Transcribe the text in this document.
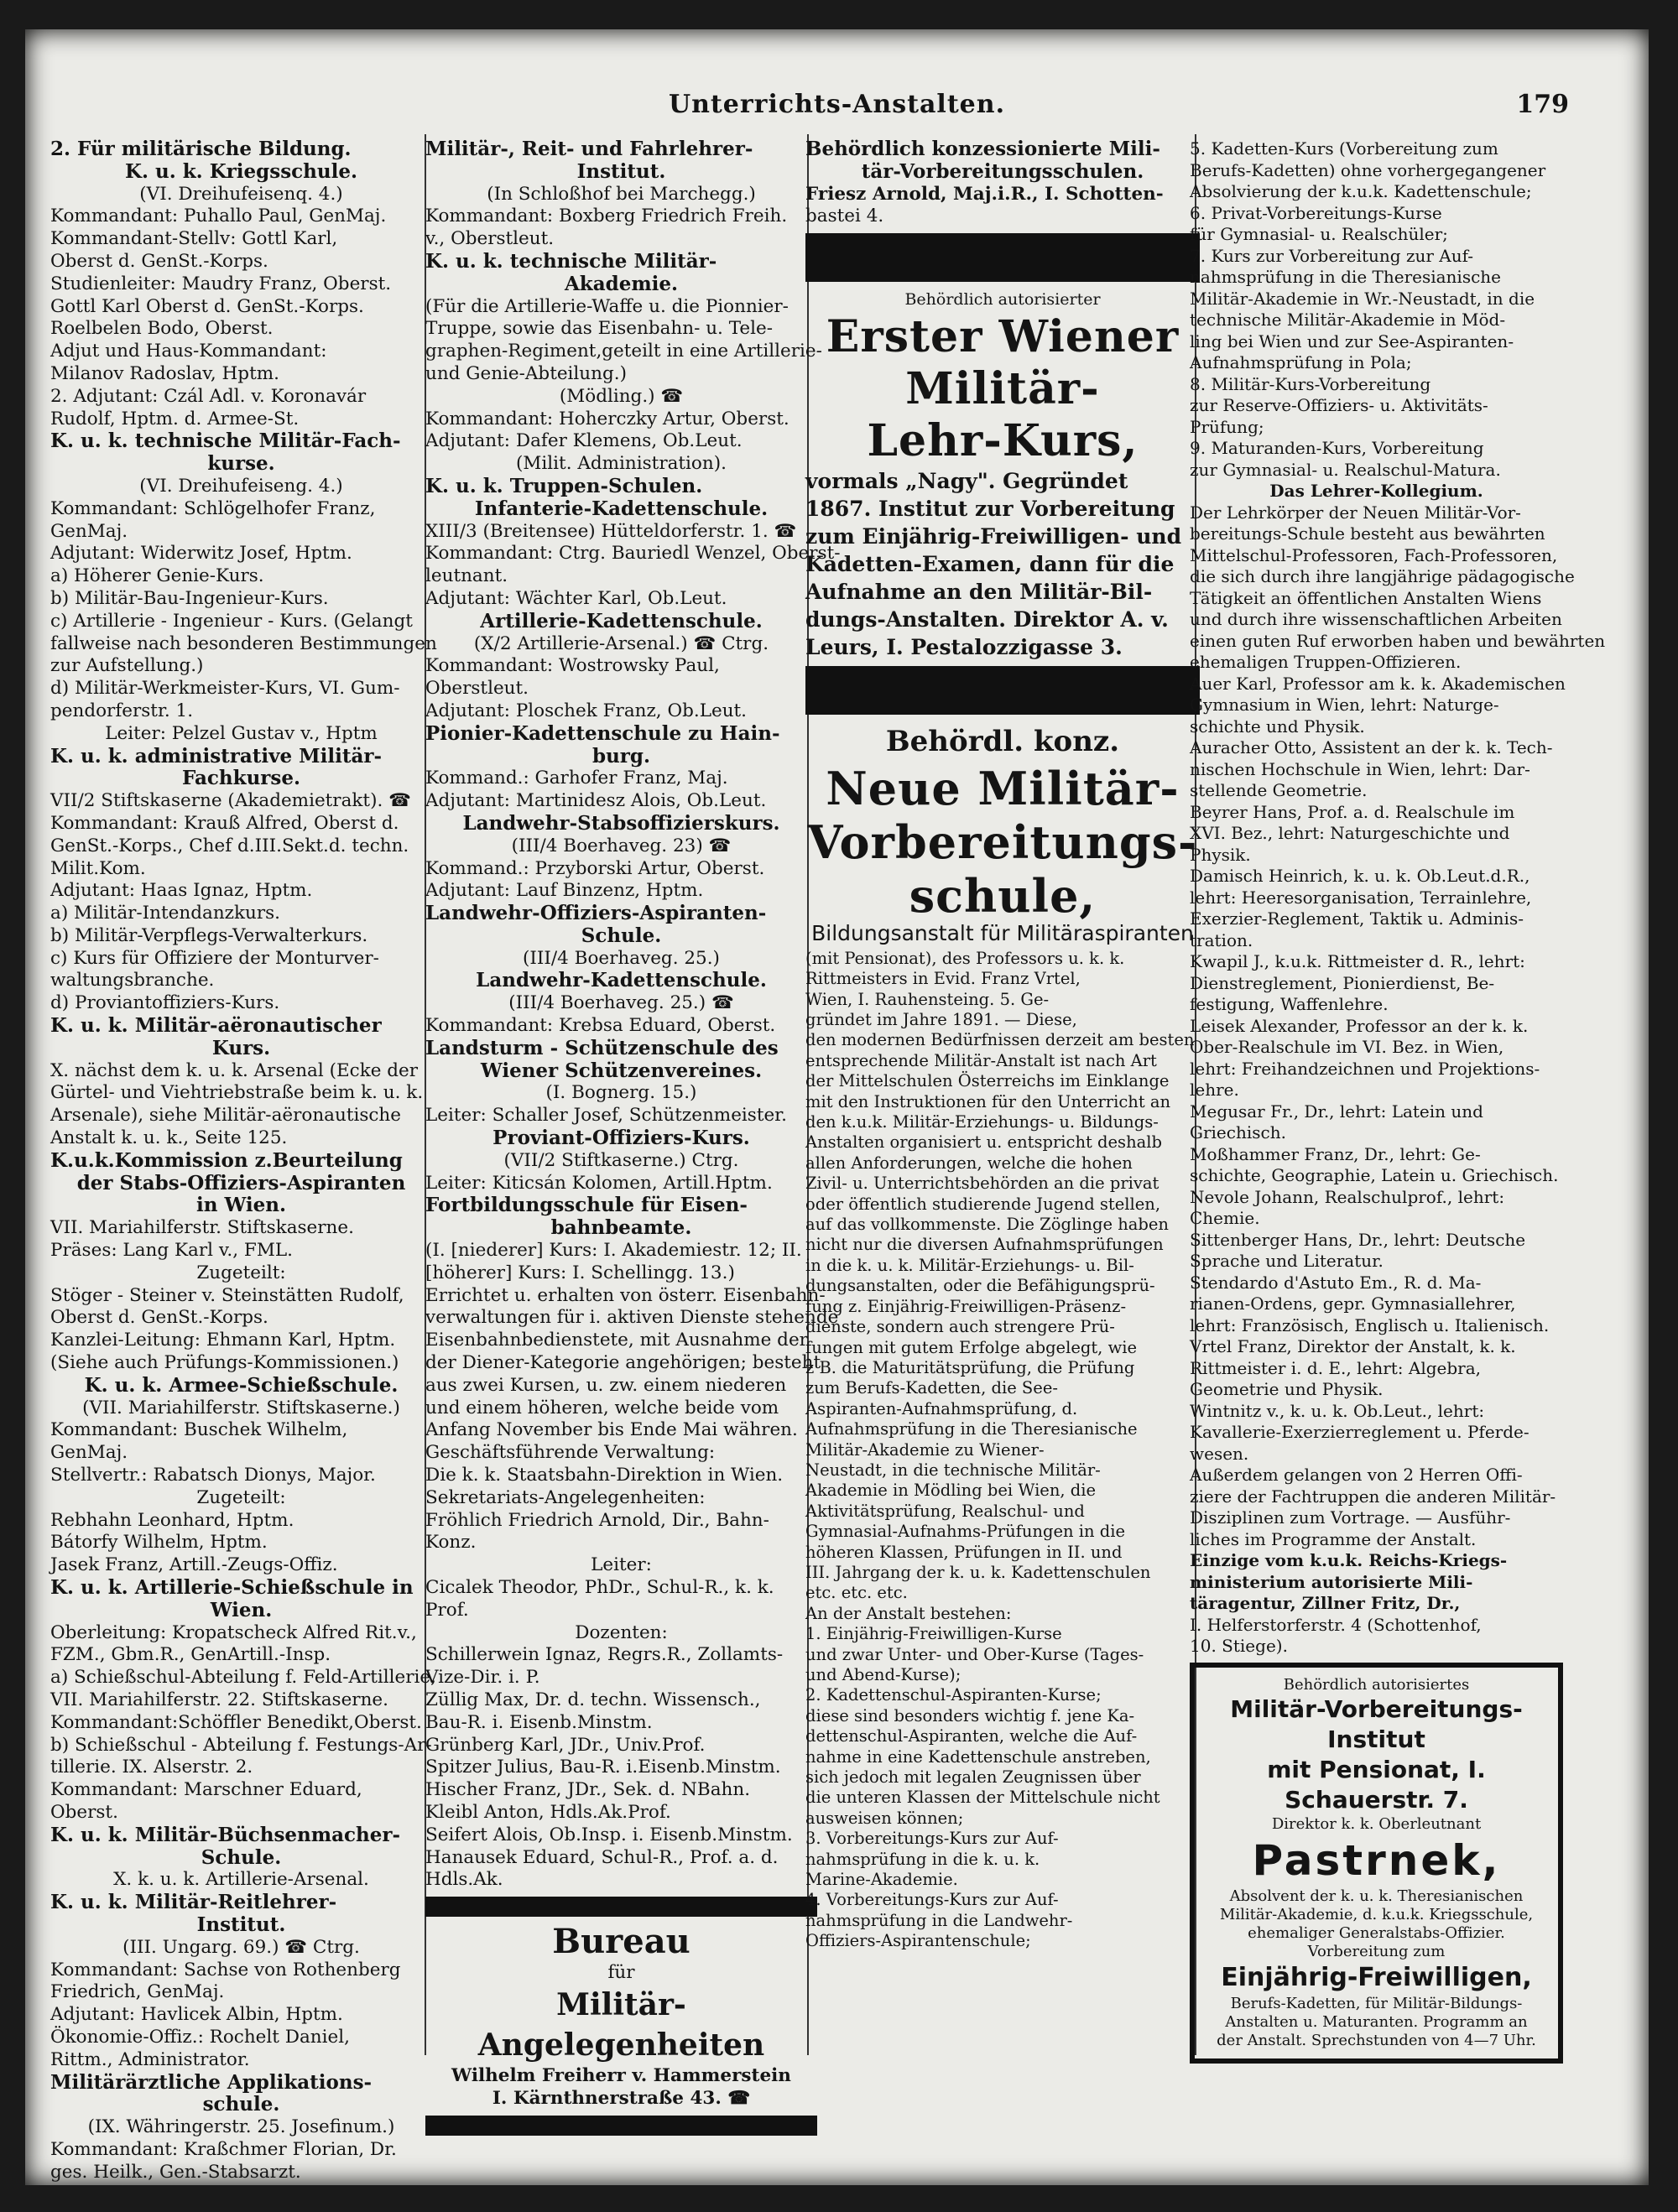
Unterrichts-Anstalten.	179
2. Für militärische Bildung.
K. u. k. Kriegsschule.
(VI. Dreihufeisenq. 4.)
Kommandant: Puhallo Paul, GenMaj.
Kommandant-Stellv: Gottl Karl,
Oberst d. GenSt.-Korps.
Studienleiter: Maudry Franz, Oberst.
Gottl Karl Oberst d. GenSt.-Korps.
Roelbelen Bodo, Oberst.
Adjut und Haus-Kommandant:
Milanov Radoslav, Hptm.
2. Adjutant: Czál Adl. v. Koronavár
Rudolf, Hptm. d. Armee-St.
K. u. k. technische Militär-Fach-
kurse.
(VI. Dreihufeiseng. 4.)
Kommandant: Schlögelhofer Franz,
GenMaj.
Adjutant: Widerwitz Josef, Hptm.
a) Höherer Genie-Kurs.
b) Militär-Bau-Ingenieur-Kurs.
c) Artillerie - Ingenieur - Kurs. (Gelangt
fallweise nach besonderen Bestimmungen
zur Aufstellung.)
d) Militär-Werkmeister-Kurs, VI. Gum-
pendorferstr. 1.
Leiter: Pelzel Gustav v., Hptm
K. u. k. administrative Militär-
Fachkurse.
VII/2 Stiftskaserne (Akademietrakt). ☎
Kommandant: Krauß Alfred, Oberst d.
GenSt.-Korps., Chef d.III.Sekt.d. techn.
Milit.Kom.
Adjutant: Haas Ignaz, Hptm.
a) Militär-Intendanzkurs.
b) Militär-Verpflegs-Verwalterkurs.
c) Kurs für Offiziere der Monturver-
waltungsbranche.
d) Proviantoffiziers-Kurs.
K. u. k. Militär-aëronautischer
Kurs.
X. nächst dem k. u. k. Arsenal (Ecke der
Gürtel- und Viehtriebstraße beim k. u. k.
Arsenale), siehe Militär-aëronautische
Anstalt k. u. k., Seite 125.
K.u.k.Kommission z.Beurteilung
der Stabs-Offiziers-Aspiranten
in Wien.
VII. Mariahilferstr. Stiftskaserne.
Präses: Lang Karl v., FML.
Zugeteilt:
Stöger - Steiner v. Steinstätten Rudolf,
Oberst d. GenSt.-Korps.
Kanzlei-Leitung: Ehmann Karl, Hptm.
(Siehe auch Prüfungs-Kommissionen.)
K. u. k. Armee-Schießschule.
(VII. Mariahilferstr. Stiftskaserne.)
Kommandant: Buschek Wilhelm,
GenMaj.
Stellvertr.: Rabatsch Dionys, Major.
Zugeteilt:
Rebhahn Leonhard, Hptm.
Bátorfy Wilhelm, Hptm.
Jasek Franz, Artill.-Zeugs-Offiz.
K. u. k. Artillerie-Schießschule in
Wien.
Oberleitung: Kropatscheck Alfred Rit.v.,
FZM., Gbm.R., GenArtill.-Insp.
a) Schießschul-Abteilung f. Feld-Artillerie,
VII. Mariahilferstr. 22. Stiftskaserne.
Kommandant:Schöffler Benedikt,Oberst.
b) Schießschul - Abteilung f. Festungs-Ar-
tillerie. IX. Alserstr. 2.
Kommandant: Marschner Eduard,
Oberst.
K. u. k. Militär-Büchsenmacher-
Schule.
X. k. u. k. Artillerie-Arsenal.
K. u. k. Militär-Reitlehrer-
Institut.
(III. Ungarg. 69.) ☎ Ctrg.
Kommandant: Sachse von Rothenberg
Friedrich, GenMaj.
Adjutant: Havlicek Albin, Hptm.
Ökonomie-Offiz.: Rochelt Daniel,
Rittm., Administrator.
Militärärztliche Applikations-
schule.
(IX. Währingerstr. 25. Josefinum.)
Kommandant: Kraßchmer Florian, Dr.
ges. Heilk., Gen.-Stabsarzt.
Militär-, Reit- und Fahrlehrer-
Institut.
(In Schloßhof bei Marchegg.)
Kommandant: Boxberg Friedrich Freih.
v., Oberstleut.
K. u. k. technische Militär-
Akademie.
(Für die Artillerie-Waffe u. die Pionnier-
Truppe, sowie das Eisenbahn- u. Tele-
graphen-Regiment,geteilt in eine Artillerie-
und Genie-Abteilung.)
(Mödling.) ☎
Kommandant: Hoherczky Artur, Oberst.
Adjutant: Dafer Klemens, Ob.Leut.
(Milit. Administration).
K. u. k. Truppen-Schulen.
Infanterie-Kadettenschule.
XIII/3 (Breitensee) Hütteldorferstr. 1. ☎
Kommandant: Ctrg. Bauriedl Wenzel, Oberst-
leutnant.
Adjutant: Wächter Karl, Ob.Leut.
Artillerie-Kadettenschule.
(X/2 Artillerie-Arsenal.) ☎ Ctrg.
Kommandant: Wostrowsky Paul,
Oberstleut.
Adjutant: Ploschek Franz, Ob.Leut.
Pionier-Kadettenschule zu Hain-
burg.
Kommand.: Garhofer Franz, Maj.
Adjutant: Martinidesz Alois, Ob.Leut.
Landwehr-Stabsoffizierskurs.
(III/4 Boerhaveg. 23) ☎
Kommand.: Przyborski Artur, Oberst.
Adjutant: Lauf Binzenz, Hptm.
Landwehr-Offiziers-Aspiranten-
Schule.
(III/4 Boerhaveg. 25.)
Landwehr-Kadettenschule.
(III/4 Boerhaveg. 25.) ☎
Kommandant: Krebsa Eduard, Oberst.
Landsturm - Schützenschule des
Wiener Schützenvereines.
(I. Bognerg. 15.)
Leiter: Schaller Josef, Schützenmeister.
Proviant-Offiziers-Kurs.
(VII/2 Stiftkaserne.) Ctrg.
Leiter: Kiticsán Kolomen, Artill.Hptm.
Fortbildungsschule für Eisen-
bahnbeamte.
(I. [niederer] Kurs: I. Akademiestr. 12; II.
[höherer] Kurs: I. Schellingg. 13.)
Errichtet u. erhalten von österr. Eisenbahn-
verwaltungen für i. aktiven Dienste stehende
Eisenbahnbedienstete, mit Ausnahme der
der Diener-Kategorie angehörigen; besteht
aus zwei Kursen, u. zw. einem niederen
und einem höheren, welche beide vom
Anfang November bis Ende Mai währen.
Geschäftsführende Verwaltung:
Die k. k. Staatsbahn-Direktion in Wien.
Sekretariats-Angelegenheiten:
Fröhlich Friedrich Arnold, Dir., Bahn-
Konz.
Leiter:
Cicalek Theodor, PhDr., Schul-R., k. k.
Prof.
Dozenten:
Schillerwein Ignaz, Regrs.R., Zollamts-
Vize-Dir. i. P.
Züllig Max, Dr. d. techn. Wissensch.,
Bau-R. i. Eisenb.Minstm.
Grünberg Karl, JDr., Univ.Prof.
Spitzer Julius, Bau-R. i.Eisenb.Minstm.
Hischer Franz, JDr., Sek. d. NBahn.
Kleibl Anton, Hdls.Ak.Prof.
Seifert Alois, Ob.Insp. i. Eisenb.Minstm.
Hanausek Eduard, Schul-R., Prof. a. d.
Hdls.Ak.
Bureau
für
Militär-Angelegenheiten
Wilhelm Freiherr v. Hammerstein
I. Kärnthnerstraße 43. ☎
Behördlich konzessionierte Mili-
tär-Vorbereitungsschulen.
Friesz Arnold, Maj.i.R., I. Schotten-
bastei 4.
Behördlich autorisierter
Erster Wiener Militär-
Lehr-Kurs,
vormals „Nagy". Gegründet
1867. Institut zur Vorbereitung
zum Einjährig-Freiwilligen- und
Kadetten-Examen, dann für die
Aufnahme an den Militär-Bil-
dungs-Anstalten. Direktor A. v.
Leurs, I. Pestalozzigasse 3.
Behördl. konz.
Neue Militär-
Vorbereitungs-
schule,
Bildungsanstalt für Militäraspiranten
(mit Pensionat), des Professors u. k. k.
Rittmeisters in Evid. Franz Vrtel,
Wien, I. Rauhensteing. 5. Ge-
gründet im Jahre 1891. — Diese,
den modernen Bedürfnissen derzeit am besten
entsprechende Militär-Anstalt ist nach Art
der Mittelschulen Österreichs im Einklange
mit den Instruktionen für den Unterricht an
den k.u.k. Militär-Erziehungs- u. Bildungs-
Anstalten organisiert u. entspricht deshalb
allen Anforderungen, welche die hohen
Zivil- u. Unterrichtsbehörden an die privat
oder öffentlich studierende Jugend stellen,
auf das vollkommenste. Die Zöglinge haben
nicht nur die diversen Aufnahmsprüfungen
in die k. u. k. Militär-Erziehungs- u. Bil-
dungsanstalten, oder die Befähigungsprü-
fung z. Einjährig-Freiwilligen-Präsenz-
dienste, sondern auch strengere Prü-
fungen mit gutem Erfolge abgelegt, wie
z B. die Maturitätsprüfung, die Prüfung
zum Berufs-Kadetten, die See-
Aspiranten-Aufnahmsprüfung, d.
Aufnahmsprüfung in die Theresianische
Militär-Akademie zu Wiener-
Neustadt, in die technische Militär-
Akademie in Mödling bei Wien, die
Aktivitätsprüfung, Realschul- und
Gymnasial-Aufnahms-Prüfungen in die
höheren Klassen, Prüfungen in II. und
III. Jahrgang der k. u. k. Kadettenschulen
etc. etc. etc.
An der Anstalt bestehen:
1. Einjährig-Freiwilligen-Kurse
und zwar Unter- und Ober-Kurse (Tages-
und Abend-Kurse);
2. Kadettenschul-Aspiranten-Kurse;
diese sind besonders wichtig f. jene Ka-
dettenschul-Aspiranten, welche die Auf-
nahme in eine Kadettenschule anstreben,
sich jedoch mit legalen Zeugnissen über
die unteren Klassen der Mittelschule nicht
ausweisen können;
3. Vorbereitungs-Kurs zur Auf-
nahmsprüfung in die k. u. k.
Marine-Akademie.
4. Vorbereitungs-Kurs zur Auf-
nahmsprüfung in die Landwehr-
Offiziers-Aspirantenschule;
5. Kadetten-Kurs (Vorbereitung zum
Berufs-Kadetten) ohne vorhergegangener
Absolvierung der k.u.k. Kadettenschule;
6. Privat-Vorbereitungs-Kurse
für Gymnasial- u. Realschüler;
7. Kurs zur Vorbereitung zur Auf-
nahmsprüfung in die Theresianische
Militär-Akademie in Wr.-Neustadt, in die
technische Militär-Akademie in Möd-
ling bei Wien und zur See-Aspiranten-
Aufnahmsprüfung in Pola;
8. Militär-Kurs-Vorbereitung
zur Reserve-Offiziers- u. Aktivitäts-
Prüfung;
9. Maturanden-Kurs, Vorbereitung
zur Gymnasial- u. Realschul-Matura.
Das Lehrer-Kollegium.
Der Lehrkörper der Neuen Militär-Vor-
bereitungs-Schule besteht aus bewährten
Mittelschul-Professoren, Fach-Professoren,
die sich durch ihre langjährige pädagogische
Tätigkeit an öffentlichen Anstalten Wiens
und durch ihre wissenschaftlichen Arbeiten
einen guten Ruf erworben haben und bewährten
ehemaligen Truppen-Offizieren.
Auer Karl, Professor am k. k. Akademischen
Gymnasium in Wien, lehrt: Naturge-
schichte und Physik.
Auracher Otto, Assistent an der k. k. Tech-
nischen Hochschule in Wien, lehrt: Dar-
stellende Geometrie.
Beyrer Hans, Prof. a. d. Realschule im
XVI. Bez., lehrt: Naturgeschichte und
Physik.
Damisch Heinrich, k. u. k. Ob.Leut.d.R.,
lehrt: Heeresorganisation, Terrainlehre,
Exerzier-Reglement, Taktik u. Adminis-
tration.
Kwapil J., k.u.k. Rittmeister d. R., lehrt:
Dienstreglement, Pionierdienst, Be-
festigung, Waffenlehre.
Leisek Alexander, Professor an der k. k.
Ober-Realschule im VI. Bez. in Wien,
lehrt: Freihandzeichnen und Projektions-
lehre.
Megusar Fr., Dr., lehrt: Latein und
Griechisch.
Moßhammer Franz, Dr., lehrt: Ge-
schichte, Geographie, Latein u. Griechisch.
Nevole Johann, Realschulprof., lehrt:
Chemie.
Sittenberger Hans, Dr., lehrt: Deutsche
Sprache und Literatur.
Stendardo d'Astuto Em., R. d. Ma-
rianen-Ordens, gepr. Gymnasiallehrer,
lehrt: Französisch, Englisch u. Italienisch.
Vrtel Franz, Direktor der Anstalt, k. k.
Rittmeister i. d. E., lehrt: Algebra,
Geometrie und Physik.
Wintnitz v., k. u. k. Ob.Leut., lehrt:
Kavallerie-Exerzierreglement u. Pferde-
wesen.
Außerdem gelangen von 2 Herren Offi-
ziere der Fachtruppen die anderen Militär-
Disziplinen zum Vortrage. — Ausführ-
liches im Programme der Anstalt.
Einzige vom k.u.k. Reichs-Kriegs-
ministerium autorisierte Mili-
täragentur, Zillner Fritz, Dr.,
I. Helferstorferstr. 4 (Schottenhof,
10. Stiege).
Behördlich autorisiertes
Militär-Vorbereitungs-Institut
mit Pensionat, I. Schauerstr. 7.
Direktor k. k. Oberleutnant
Pastrnek,
Absolvent der k. u. k. Theresianischen
Militär-Akademie, d. k.u.k. Kriegsschule,
ehemaliger Generalstabs-Offizier.
Vorbereitung zum
Einjährig-Freiwilligen,
Berufs-Kadetten, für Militär-Bildungs-
Anstalten u. Maturanten. Programm an
der Anstalt. Sprechstunden von 4—7 Uhr.
